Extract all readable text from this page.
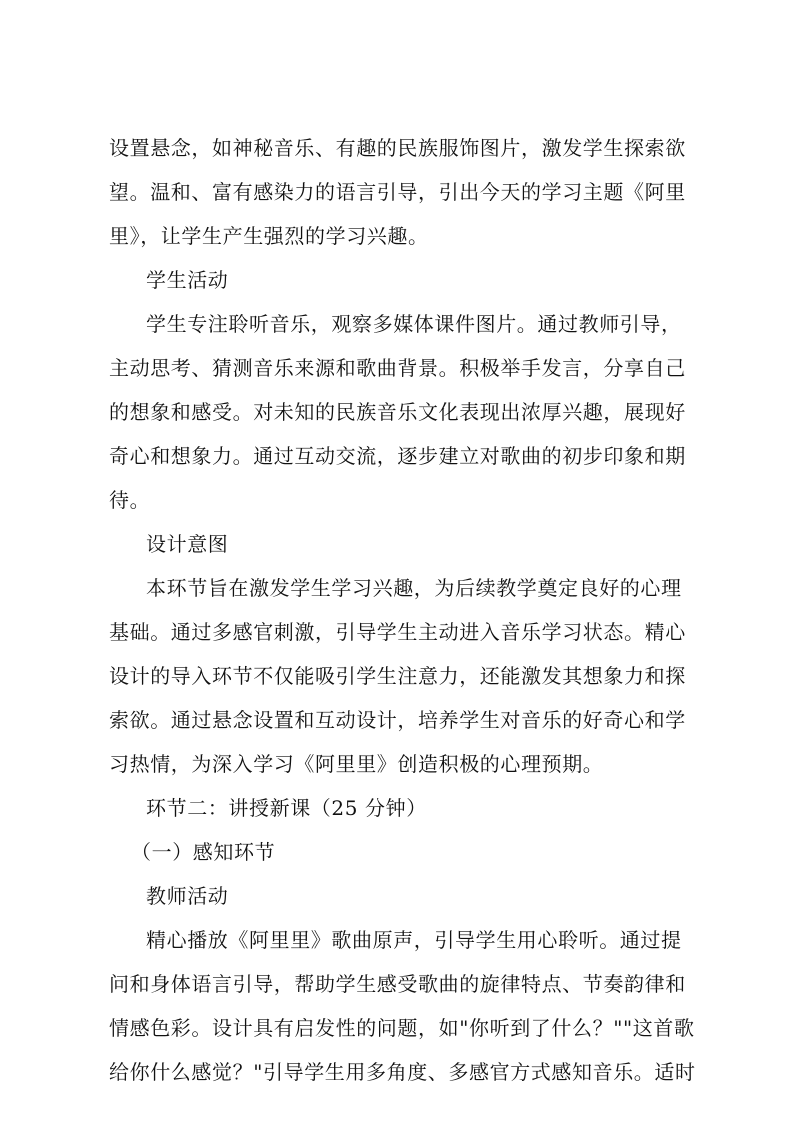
设置悬念，如神秘音乐、有趣的民族服饰图片，激发学生探索欲
望。温和、富有感染力的语言引导，引出今天的学习主题《阿里
里》，让学生产生强烈的学习兴趣。
学生活动
学生专注聆听音乐，观察多媒体课件图片。通过教师引导，
主动思考、猜测音乐来源和歌曲背景。积极举手发言，分享自己
的想象和感受。对未知的民族音乐文化表现出浓厚兴趣，展现好
奇心和想象力。通过互动交流，逐步建立对歌曲的初步印象和期
待。
设计意图
本环节旨在激发学生学习兴趣，为后续教学奠定良好的心理
基础。通过多感官刺激，引导学生主动进入音乐学习状态。精心
设计的导入环节不仅能吸引学生注意力，还能激发其想象力和探
索欲。通过悬念设置和互动设计，培养学生对音乐的好奇心和学
习热情，为深入学习《阿里里》创造积极的心理预期。
环节二：讲授新课（25 分钟）
（一）感知环节
教师活动
精心播放《阿里里》歌曲原声，引导学生用心聆听。通过提
问和身体语言引导，帮助学生感受歌曲的旋律特点、节奏韵律和
情感色彩。设计具有启发性的问题，如"你听到了什么？""这首歌
给你什么感觉？"引导学生用多角度、多感官方式感知音乐。适时
